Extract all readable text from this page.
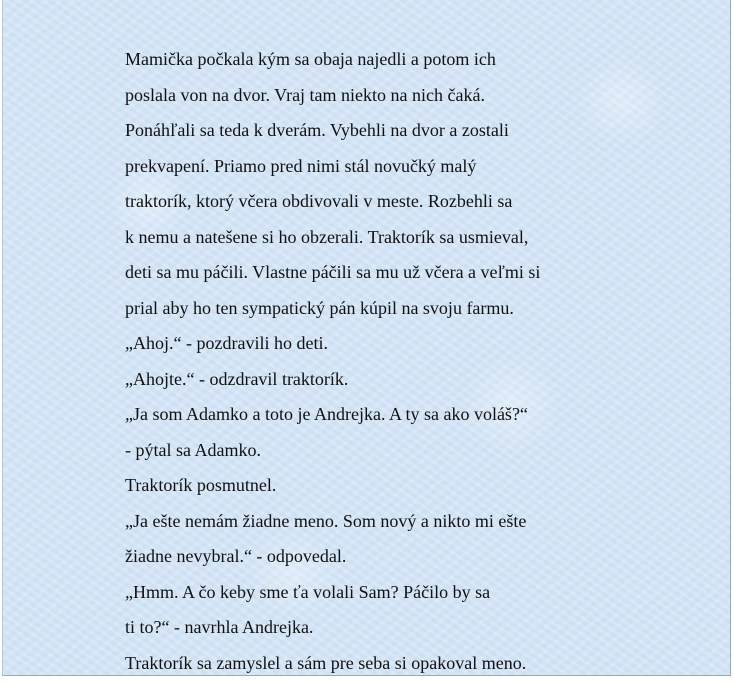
Mamička počkala kým sa obaja najedli a potom ich
poslala von na dvor. Vraj tam niekto na nich čaká.
Ponáhľali sa teda k dverám. Vybehli na dvor a zostali
prekvapení. Priamo pred nimi stál novučký malý
traktorík, ktorý včera obdivovali v meste. Rozbehli sa
k nemu a natešene si ho obzerali. Traktorík sa usmieval,
deti sa mu páčili. Vlastne páčili sa mu už včera a veľmi si
prial aby ho ten sympatický pán kúpil na svoju farmu.
„Ahoj.“ - pozdravili ho deti.
„Ahojte.“ - odzdravil traktorík.
„Ja som Adamko a toto je Andrejka. A ty sa ako voláš?“
- pýtal sa Adamko.
Traktorík posmutnel.
„Ja ešte nemám žiadne meno. Som nový a nikto mi ešte
žiadne nevybral.“ - odpovedal.
„Hmm. A čo keby sme ťa volali Sam? Páčilo by sa
ti to?“ - navrhla Andrejka.
Traktorík sa zamyslel a sám pre seba si opakoval meno.
